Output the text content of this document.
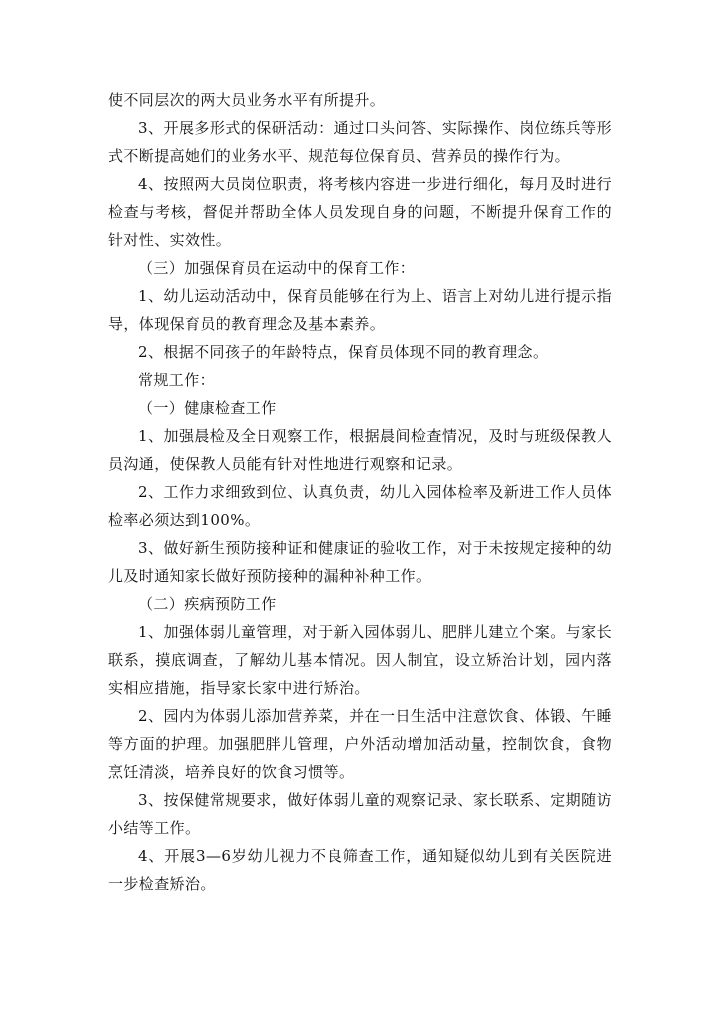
使不同层次的两大员业务水平有所提升。

3、开展多形式的保研活动：通过口头问答、实际操作、岗位练兵等形式不断提高她们的业务水平、规范每位保育员、营养员的操作行为。

4、按照两大员岗位职责，将考核内容进一步进行细化，每月及时进行检查与考核，督促并帮助全体人员发现自身的问题，不断提升保育工作的针对性、实效性。

（三）加强保育员在运动中的保育工作：

1、幼儿运动活动中，保育员能够在行为上、语言上对幼儿进行提示指导，体现保育员的教育理念及基本素养。

2、根据不同孩子的年龄特点，保育员体现不同的教育理念。

常规工作：

（一）健康检查工作

1、加强晨检及全日观察工作，根据晨间检查情况，及时与班级保教人员沟通，使保教人员能有针对性地进行观察和记录。

2、工作力求细致到位、认真负责，幼儿入园体检率及新进工作人员体检率必须达到100%。

3、做好新生预防接种证和健康证的验收工作，对于未按规定接种的幼儿及时通知家长做好预防接种的漏种补种工作。

（二）疾病预防工作

1、加强体弱儿童管理，对于新入园体弱儿、肥胖儿建立个案。与家长联系，摸底调查，了解幼儿基本情况。因人制宜，设立矫治计划，园内落实相应措施，指导家长家中进行矫治。

2、园内为体弱儿添加营养菜，并在一日生活中注意饮食、体锻、午睡等方面的护理。加强肥胖儿管理，户外活动增加活动量，控制饮食，食物烹饪清淡，培养良好的饮食习惯等。

3、按保健常规要求，做好体弱儿童的观察记录、家长联系、定期随访小结等工作。

4、开展3—6岁幼儿视力不良筛查工作，通知疑似幼儿到有关医院进一步检查矫治。
